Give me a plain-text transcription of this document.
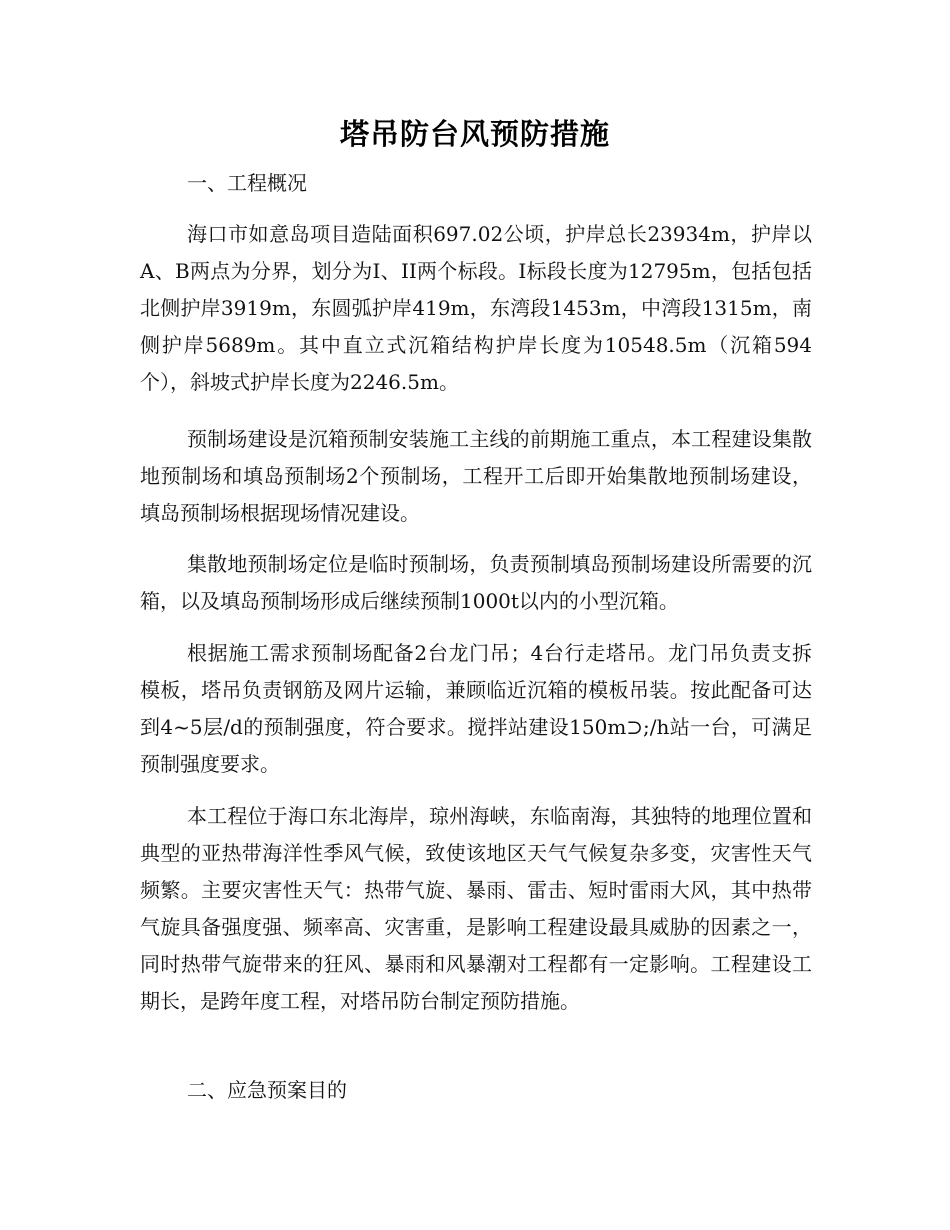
塔吊防台风预防措施
一、工程概况
海口市如意岛项目造陆面积697.02公顷，护岸总长23934m，护岸以A、B两点为分界，划分为I、II两个标段。I标段长度为12795m，包括包括北侧护岸3919m，东圆弧护岸419m，东湾段1453m，中湾段1315m，南侧护岸5689m。其中直立式沉箱结构护岸长度为10548.5m（沉箱594个），斜坡式护岸长度为2246.5m。
预制场建设是沉箱预制安装施工主线的前期施工重点，本工程建设集散地预制场和填岛预制场2个预制场，工程开工后即开始集散地预制场建设，填岛预制场根据现场情况建设。
集散地预制场定位是临时预制场，负责预制填岛预制场建设所需要的沉箱，以及填岛预制场形成后继续预制1000t以内的小型沉箱。
根据施工需求预制场配备2台龙门吊；4台行走塔吊。龙门吊负责支拆模板，塔吊负责钢筋及网片运输，兼顾临近沉箱的模板吊装。按此配备可达到4~5层/d的预制强度，符合要求。搅拌站建设150m⊃;/h站一台，可满足预制强度要求。
本工程位于海口东北海岸，琼州海峡，东临南海，其独特的地理位置和典型的亚热带海洋性季风气候，致使该地区天气气候复杂多变，灾害性天气频繁。主要灾害性天气：热带气旋、暴雨、雷击、短时雷雨大风，其中热带气旋具备强度强、频率高、灾害重，是影响工程建设最具威胁的因素之一，同时热带气旋带来的狂风、暴雨和风暴潮对工程都有一定影响。工程建设工期长，是跨年度工程，对塔吊防台制定预防措施。
二、应急预案目的
